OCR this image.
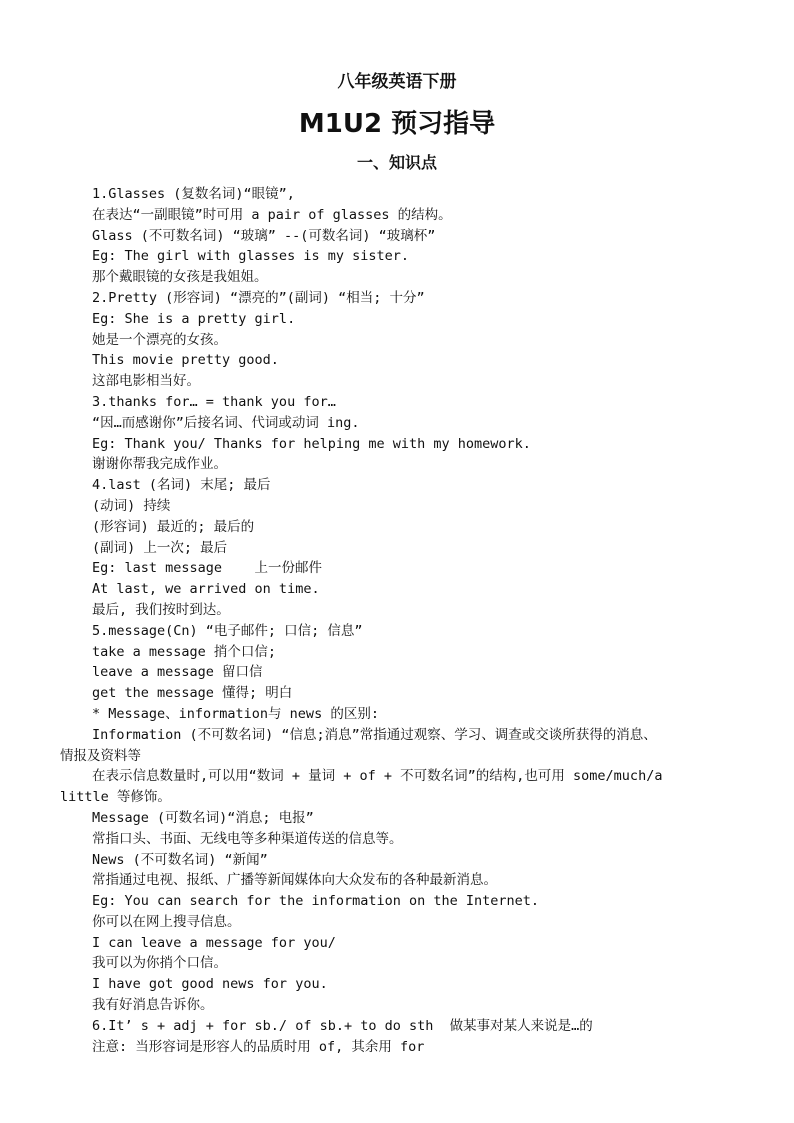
八年级英语下册
M1U2 预习指导
一、知识点
1.Glasses (复数名词)“眼镜”,
在表达“一副眼镜”时可用 a pair of glasses 的结构。
Glass (不可数名词) “玻璃” --(可数名词) “玻璃杯”
Eg: The girl with glasses is my sister.
那个戴眼镜的女孩是我姐姐。
2.Pretty (形容词) “漂亮的”(副词) “相当; 十分”
Eg: She is a pretty girl.
她是一个漂亮的女孩。
This movie pretty good.
这部电影相当好。
3.thanks for… = thank you for…
“因…而感谢你”后接名词、代词或动词 ing.
Eg: Thank you/ Thanks for helping me with my homework.
谢谢你帮我完成作业。
4.last (名词) 末尾; 最后
(动词) 持续
(形容词) 最近的; 最后的
(副词) 上一次; 最后
Eg: last message    上一份邮件
At last, we arrived on time.
最后, 我们按时到达。
5.message(Cn) “电子邮件; 口信; 信息”
take a message 捎个口信;
leave a message 留口信
get the message 懂得; 明白
* Message、information与 news 的区别:
Information (不可数名词) “信息;消息”常指通过观察、学习、调查或交谈所获得的消息、
情报及资料等
在表示信息数量时,可以用“数词 + 量词 + of + 不可数名词”的结构,也可用 some/much/a
little 等修饰。
Message (可数名词)“消息; 电报”
常指口头、书面、无线电等多种渠道传送的信息等。
News (不可数名词) “新闻”
常指通过电视、报纸、广播等新闻媒体向大众发布的各种最新消息。
Eg: You can search for the information on the Internet.
你可以在网上搜寻信息。
I can leave a message for you/
我可以为你捎个口信。
I have got good news for you.
我有好消息告诉你。
6.It’ s + adj + for sb./ of sb.+ to do sth  做某事对某人来说是…的
注意: 当形容词是形容人的品质时用 of, 其余用 for
